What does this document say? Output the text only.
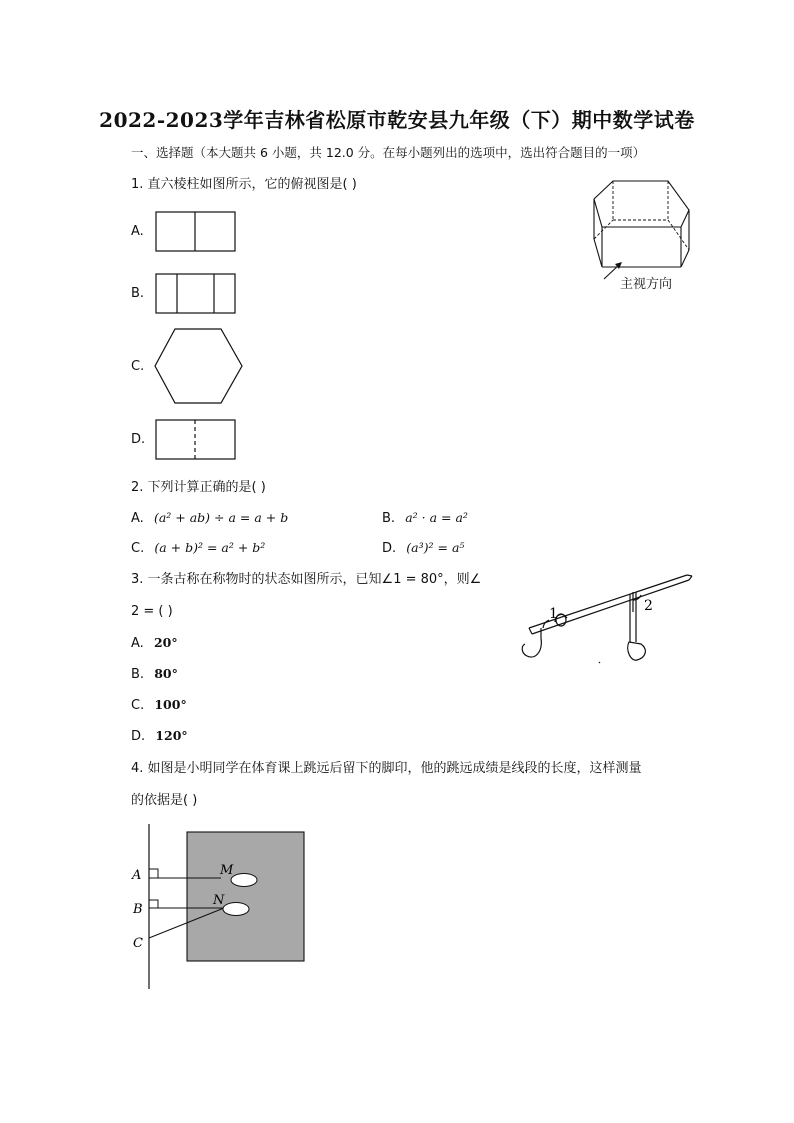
2022-2023学年吉林省松原市乾安县九年级（下）期中数学试卷
一、选择题（本大题共 6 小题，共 12.0 分。在每小题列出的选项中，选出符合题目的一项）
1. 直六棱柱如图所示，它的俯视图是( )
A.
B.
C.
D.
主视方向
2. 下列计算正确的是( )
A. (a² + ab) ÷ a = a + b	B. a² · a = a²
C. (a + b)² = a² + b²	D. (a³)² = a⁵
3. 一条古称在称物时的状态如图所示，已知∠1 = 80°，则∠
2 = ( )
A. 20°
B. 80°
C. 100°
D. 120°
1	2
4. 如图是小明同学在体育课上跳远后留下的脚印，他的跳远成绩是线段的长度，这样测量
的依据是( )
A
B
C
M
N
